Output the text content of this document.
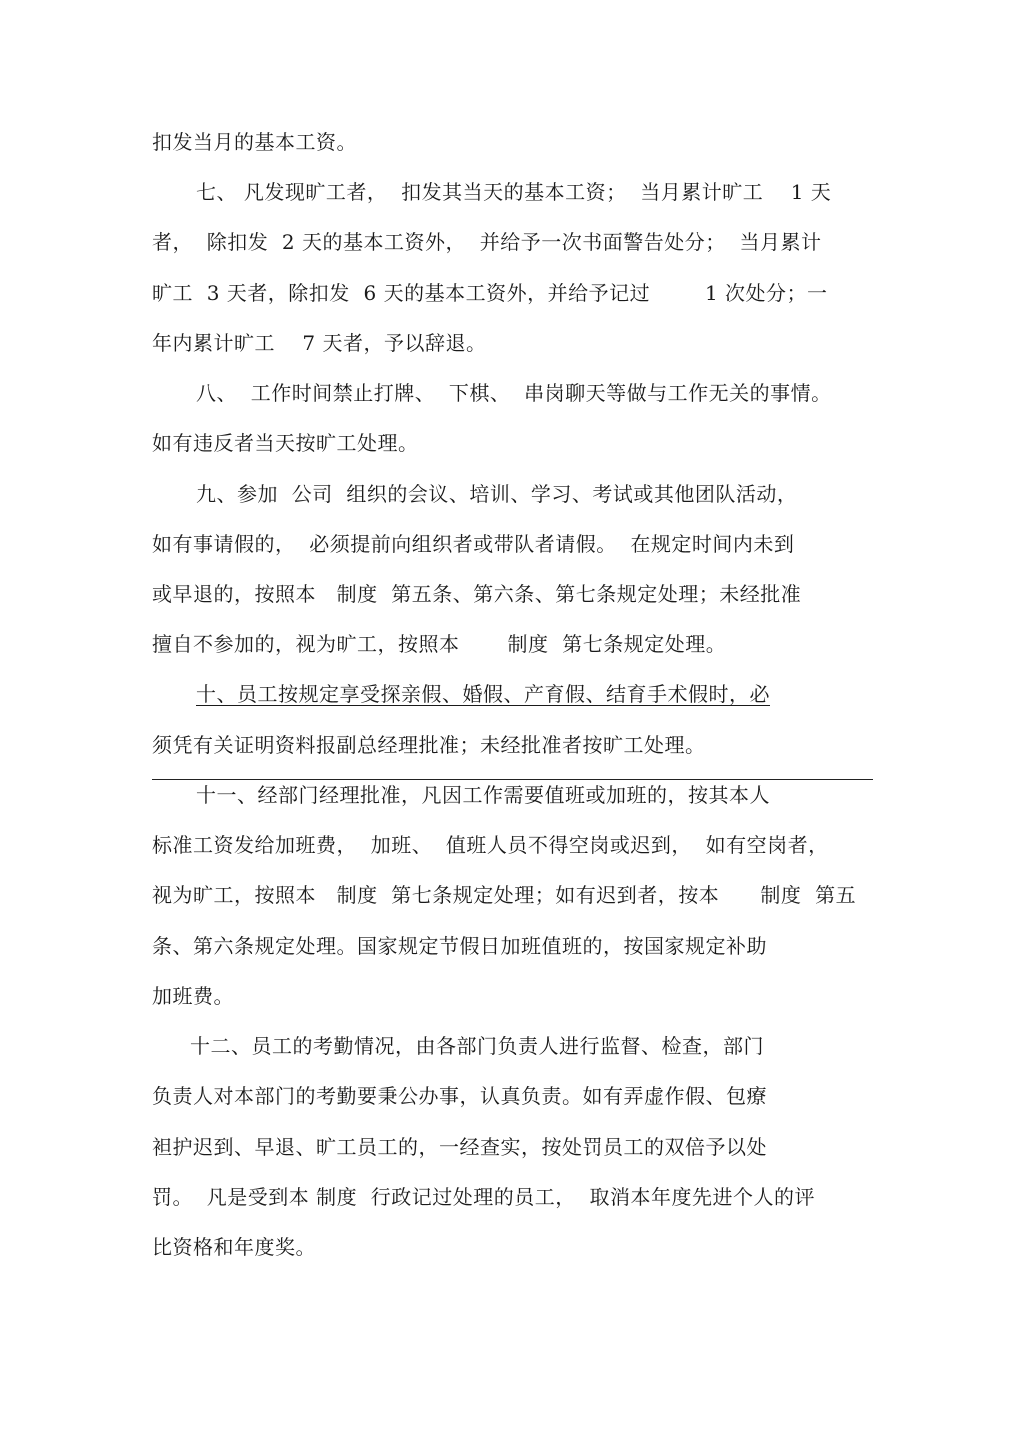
扣发当月的基本工资。
七、 凡发现旷工者，  扣发其当天的基本工资；  当月累计旷工    1 天
者，  除扣发  2 天的基本工资外，  并给予一次书面警告处分；  当月累计
旷工  3 天者，除扣发  6 天的基本工资外，并给予记过        1 次处分；一
年内累计旷工    7 天者，予以辞退。
八、  工作时间禁止打牌、  下棋、  串岗聊天等做与工作无关的事情。
如有违反者当天按旷工处理。
九、参加  公司  组织的会议、培训、学习、考试或其他团队活动，
如有事请假的，  必须提前向组织者或带队者请假。  在规定时间内未到
或早退的，按照本   制度  第五条、第六条、第七条规定处理；未经批准
擅自不参加的，视为旷工，按照本       制度  第七条规定处理。
十、员工按规定享受探亲假、婚假、产育假、结育手术假时，必
须凭有关证明资料报副总经理批准；未经批准者按旷工处理。
十一、经部门经理批准，凡因工作需要值班或加班的，按其本人
标准工资发给加班费，  加班、  值班人员不得空岗或迟到，  如有空岗者，
视为旷工，按照本   制度  第七条规定处理；如有迟到者，按本      制度  第五
条、第六条规定处理。国家规定节假日加班值班的，按国家规定补助
加班费。
十二、员工的考勤情况，由各部门负责人进行监督、检查，部门
负责人对本部门的考勤要秉公办事，认真负责。如有弄虚作假、包療
袒护迟到、早退、旷工员工的，一经查实，按处罚员工的双倍予以处
罚。  凡是受到本 制度  行政记过处理的员工，  取消本年度先进个人的评
比资格和年度奖。
